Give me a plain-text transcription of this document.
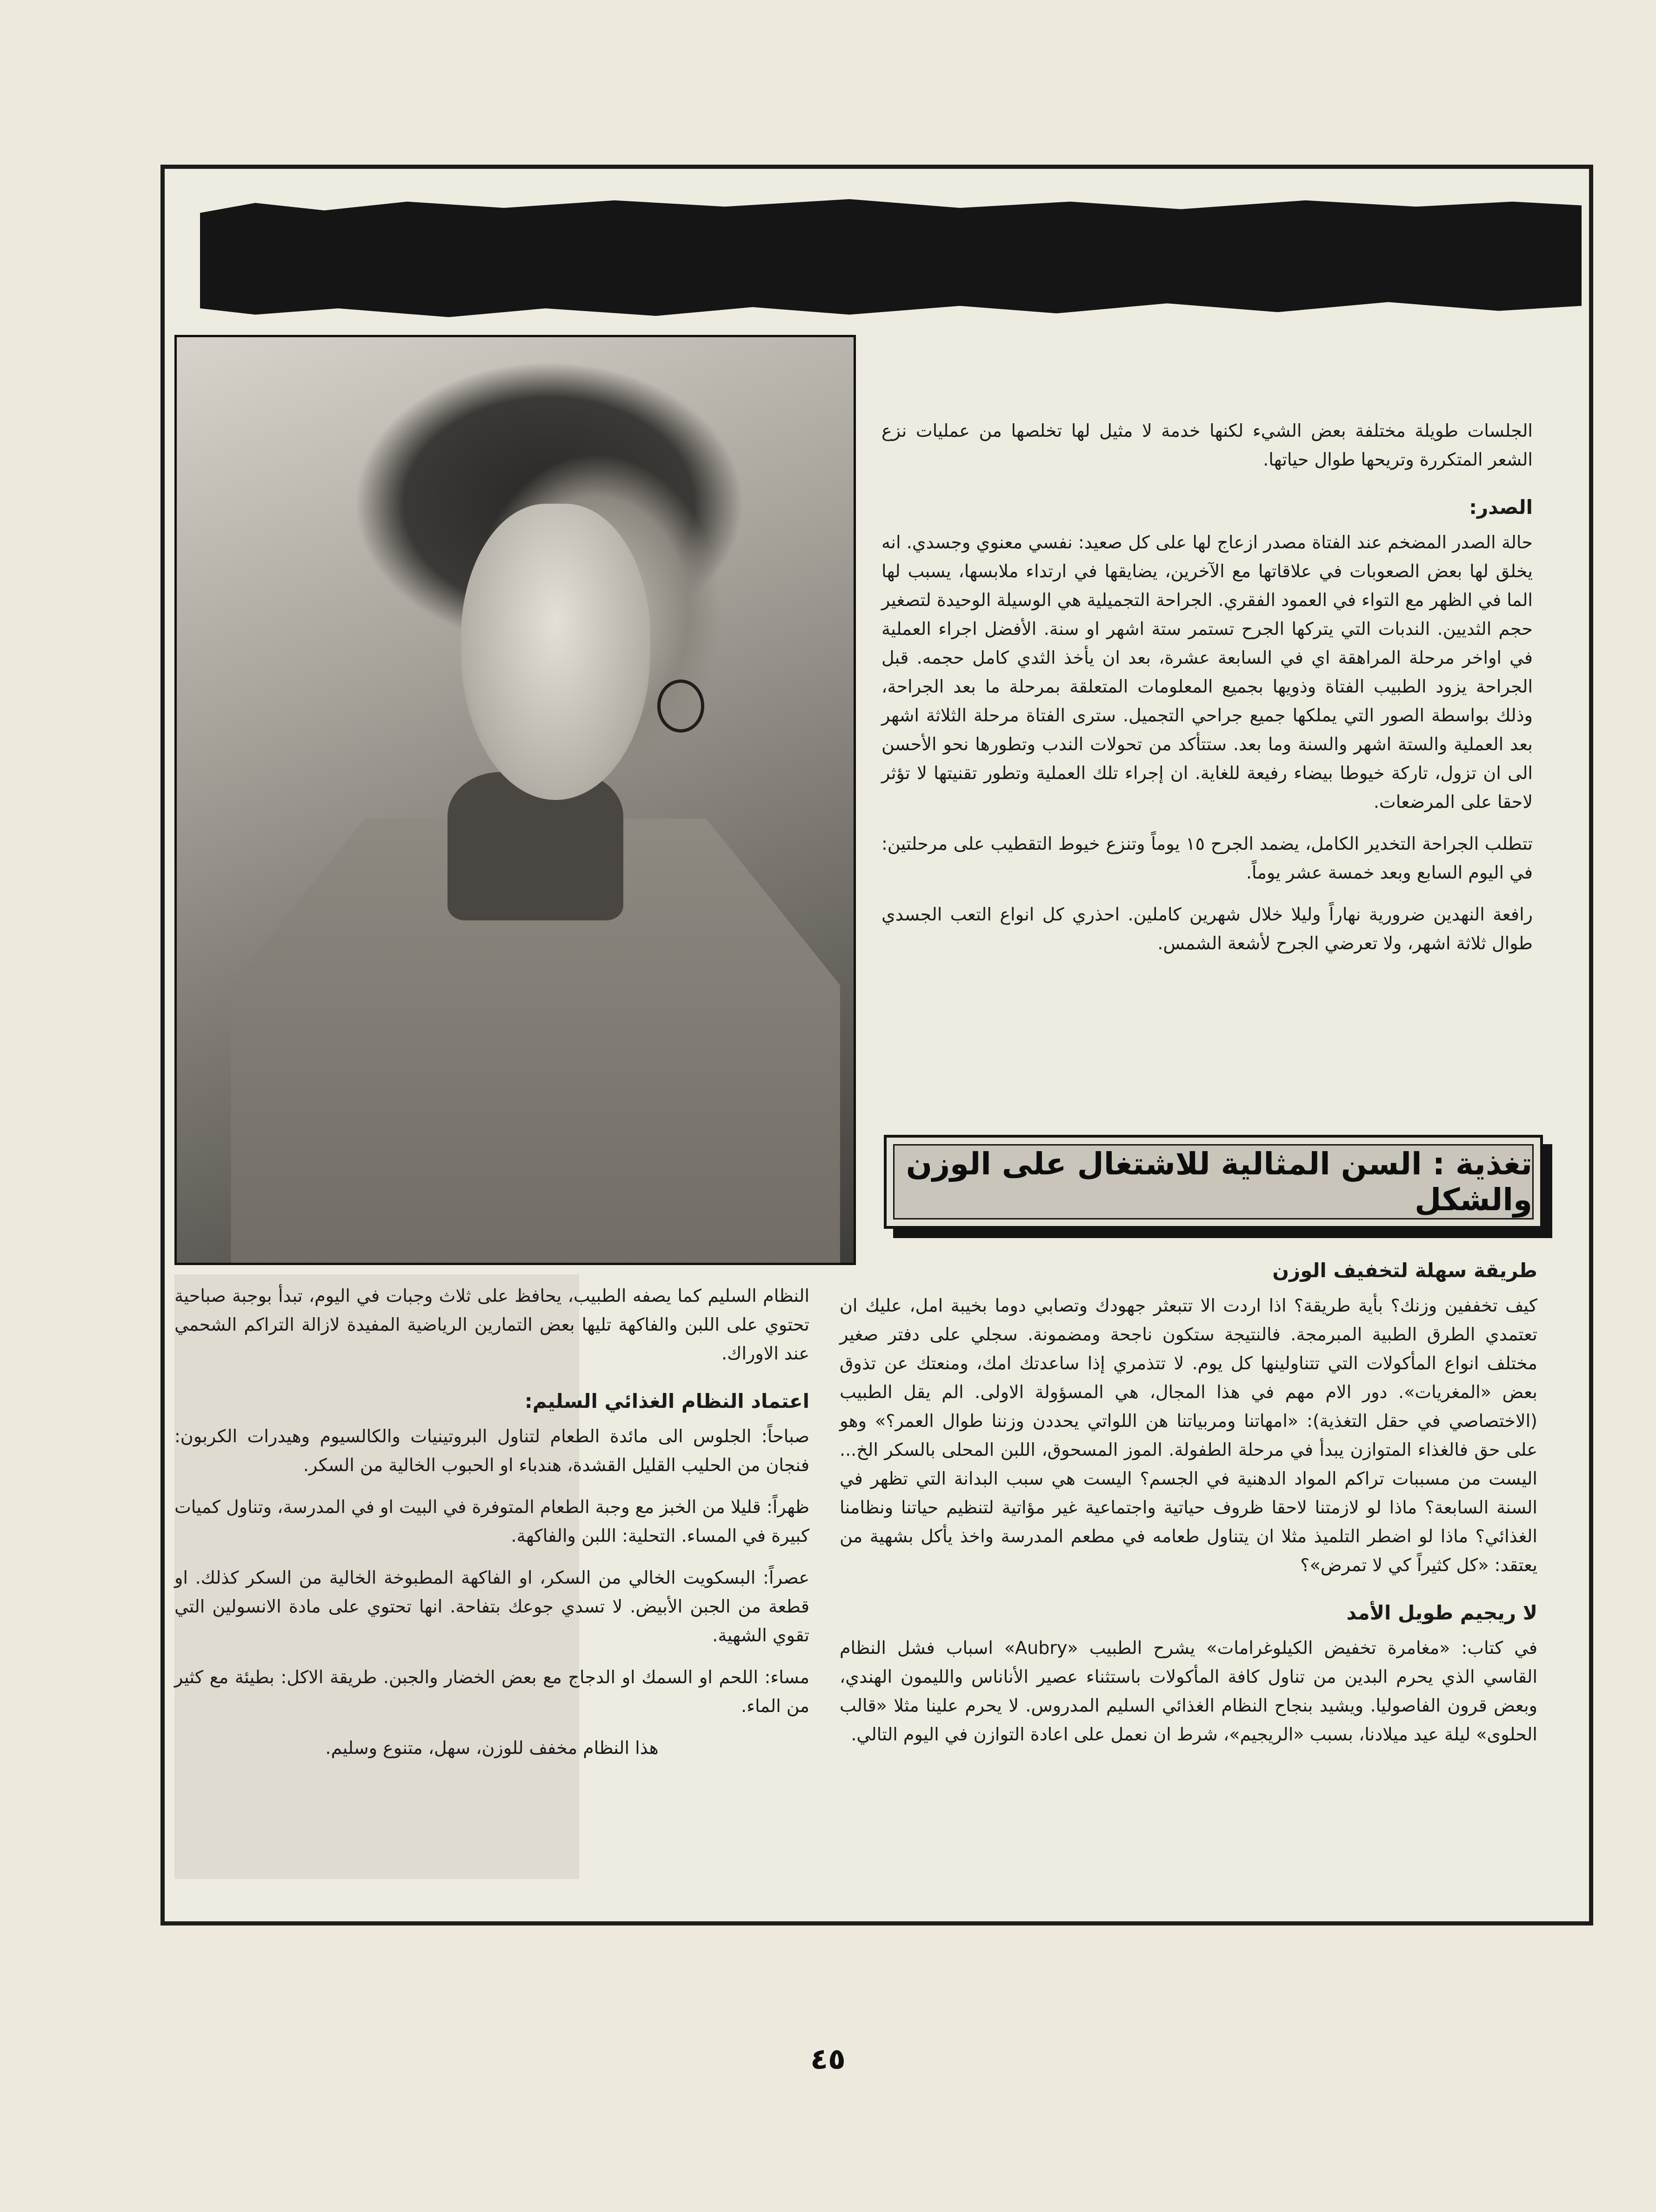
الجلسات طويلة مختلفة بعض الشيء لكنها خدمة لا مثيل لها تخلصها من عمليات نزع الشعر المتكررة وتريحها طوال حياتها.

الصدر:

حالة الصدر المضخم عند الفتاة مصدر ازعاج لها على كل صعيد: نفسي معنوي وجسدي. انه يخلق لها بعض الصعوبات في علاقاتها مع الآخرين، يضايقها في ارتداء ملابسها، يسبب لها الما في الظهر مع التواء في العمود الفقري. الجراحة التجميلية هي الوسيلة الوحيدة لتصغير حجم الثديين. الندبات التي يتركها الجرح تستمر ستة اشهر او سنة. الأفضل اجراء العملية في اواخر مرحلة المراهقة اي في السابعة عشرة، بعد ان يأخذ الثدي كامل حجمه. قبل الجراحة يزود الطبيب الفتاة وذويها بجميع المعلومات المتعلقة بمرحلة ما بعد الجراحة، وذلك بواسطة الصور التي يملكها جميع جراحي التجميل. سترى الفتاة مرحلة الثلاثة اشهر بعد العملية والستة اشهر والسنة وما بعد. ستتأكد من تحولات الندب وتطورها نحو الأحسن الى ان تزول، تاركة خيوطا بيضاء رفيعة للغاية. ان إجراء تلك العملية وتطور تقنيتها لا تؤثر لاحقا على المرضعات.

تتطلب الجراحة التخدير الكامل، يضمد الجرح ١٥ يوماً وتنزع خيوط التقطيب على مرحلتين: في اليوم السابع وبعد خمسة عشر يوماً.

رافعة النهدين ضرورية نهاراً وليلا خلال شهرين كاملين. احذري كل انواع التعب الجسدي طوال ثلاثة اشهر، ولا تعرضي الجرح لأشعة الشمس.

تغذية : السن المثالية للاشتغال على الوزن والشكل
طريقة سهلة لتخفيف الوزن

كيف تخففين وزنك؟ بأية طريقة؟ اذا اردت الا تتبعثر جهودك وتصابي دوما بخيبة امل، عليك ان تعتمدي الطرق الطبية المبرمجة. فالنتيجة ستكون ناجحة ومضمونة. سجلي على دفتر صغير مختلف انواع المأكولات التي تتناولينها كل يوم. لا تتذمري إذا ساعدتك امك، ومنعتك عن تذوق بعض «المغريات». دور الام مهم في هذا المجال، هي المسؤولة الاولى. الم يقل الطبيب (الاختصاصي في حقل التغذية): «امهاتنا ومربياتنا هن اللواتي يحددن وزننا طوال العمر؟» وهو على حق فالغذاء المتوازن يبدأ في مرحلة الطفولة. الموز المسحوق، اللبن المحلى بالسكر الخ... اليست من مسببات تراكم المواد الدهنية في الجسم؟ اليست هي سبب البدانة التي تظهر في السنة السابعة؟ ماذا لو لازمتنا لاحقا ظروف حياتية واجتماعية غير مؤاتية لتنظيم حياتنا ونظامنا الغذائي؟ ماذا لو اضطر التلميذ مثلا ان يتناول طعامه في مطعم المدرسة واخذ يأكل بشهية من يعتقد: «كل كثيراً كي لا تمرض»؟

لا ريجيم طويل الأمد

في كتاب: «مغامرة تخفيض الكيلوغرامات» يشرح الطبيب «Aubry» اسباب فشل النظام القاسي الذي يحرم البدين من تناول كافة المأكولات باستثناء عصير الأناناس والليمون الهندي، وبعض قرون الفاصوليا. ويشيد بنجاح النظام الغذائي السليم المدروس. لا يحرم علينا مثلا «قالب الحلوى» ليلة عيد ميلادنا، بسبب «الريجيم»، شرط ان نعمل على اعادة التوازن في اليوم التالي.

النظام السليم كما يصفه الطبيب، يحافظ على ثلاث وجبات في اليوم، تبدأ بوجبة صباحية تحتوي على اللبن والفاكهة تليها بعض التمارين الرياضية المفيدة لازالة التراكم الشحمي عند الاوراك.

اعتماد النظام الغذائي السليم:

صباحاً: الجلوس الى مائدة الطعام لتناول البروتينيات والكالسيوم وهيدرات الكربون: فنجان من الحليب القليل القشدة، هندباء او الحبوب الخالية من السكر.

ظهراً: قليلا من الخبز مع وجبة الطعام المتوفرة في البيت او في المدرسة، وتناول كميات كبيرة في المساء. التحلية: اللبن والفاكهة.

عصراً: البسكويت الخالي من السكر، او الفاكهة المطبوخة الخالية من السكر كذلك. او قطعة من الجبن الأبيض. لا تسدي جوعك بتفاحة. انها تحتوي على مادة الانسولين التي تقوي الشهية.

مساء: اللحم او السمك او الدجاج مع بعض الخضار والجبن. طريقة الاكل: بطيئة مع كثير من الماء.

هذا النظام مخفف للوزن، سهل، متنوع وسليم.

٤٥
